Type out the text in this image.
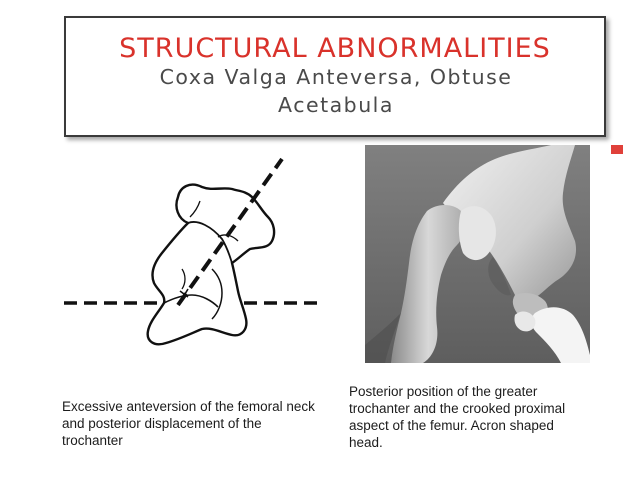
STRUCTURAL ABNORMALITIES
Coxa Valga Anteversa, Obtuse
Acetabula

Excessive anteversion of the femoral neck and posterior displacement of the trochanter

Posterior position of the greater trochanter and the crooked proximal aspect of the femur. Acron shaped head.
